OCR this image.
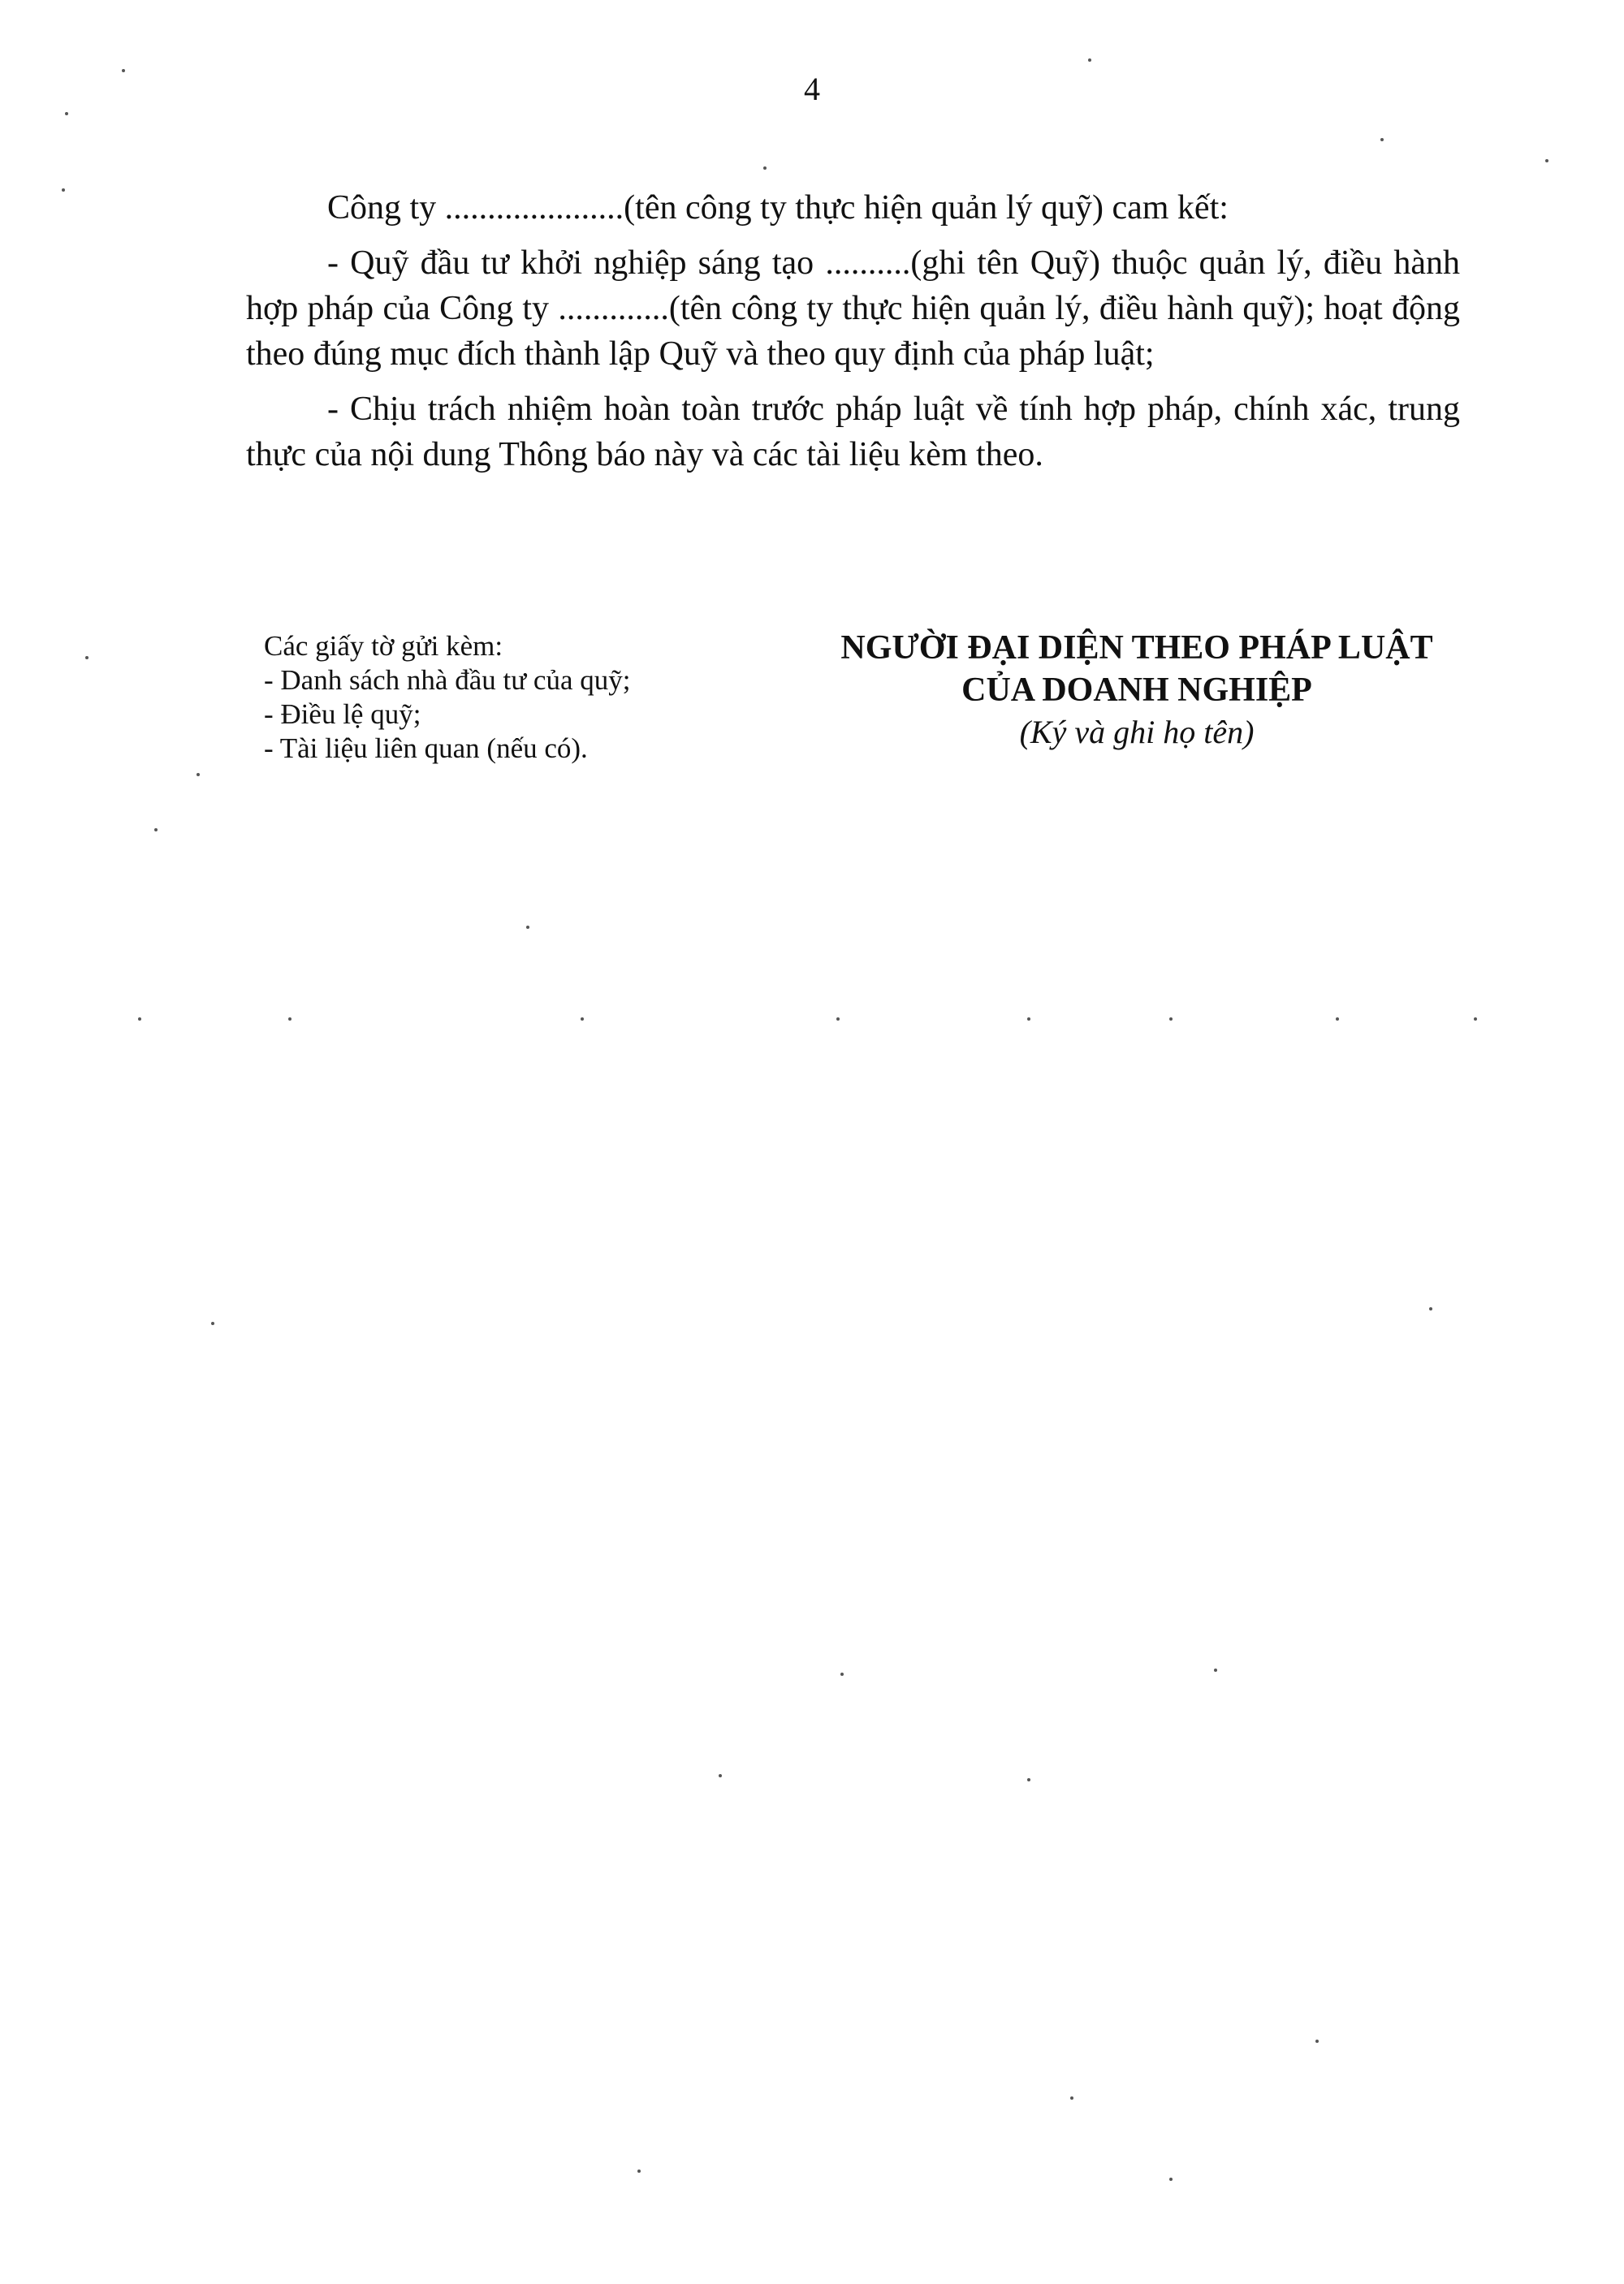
4

Công ty .....................(tên công ty thực hiện quản lý quỹ) cam kết:

- Quỹ đầu tư khởi nghiệp sáng tạo ..........(ghi tên Quỹ) thuộc quản lý, điều hành hợp pháp của Công ty .............(tên công ty thực hiện quản lý, điều hành quỹ); hoạt động theo đúng mục đích thành lập Quỹ và theo quy định của pháp luật;

- Chịu trách nhiệm hoàn toàn trước pháp luật về tính hợp pháp, chính xác, trung thực của nội dung Thông báo này và các tài liệu kèm theo.

Các giấy tờ gửi kèm:
- Danh sách nhà đầu tư của quỹ;
- Điều lệ quỹ;
- Tài liệu liên quan (nếu có).
NGƯỜI ĐẠI DIỆN THEO PHÁP LUẬT
CỦA DOANH NGHIỆP
(Ký và ghi họ tên)
